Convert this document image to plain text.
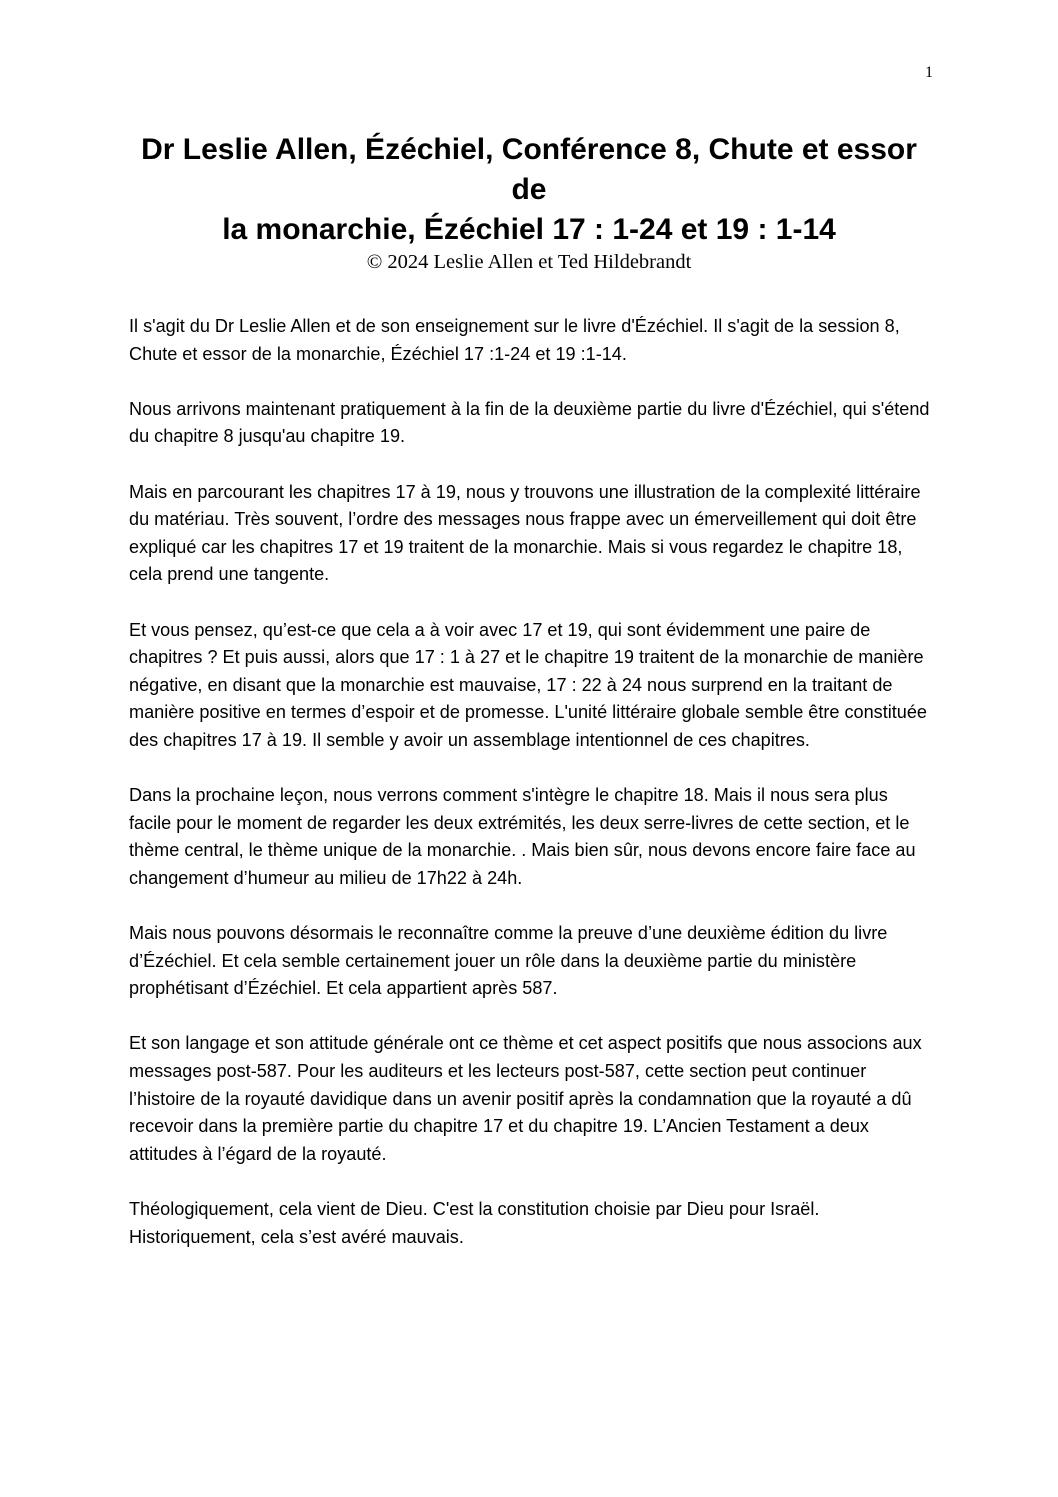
1

Dr Leslie Allen, Ézéchiel, Conférence 8, Chute et essor

de

la monarchie, Ézéchiel 17 : 1-24 et 19 : 1-14

© 2024 Leslie Allen et Ted Hildebrandt

Il s'agit du Dr Leslie Allen et de son enseignement sur le livre d'Ézéchiel. Il s'agit de la session 8, Chute et essor de la monarchie, Ézéchiel 17 :1-24 et 19 :1-14.

Nous arrivons maintenant pratiquement à la fin de la deuxième partie du livre d'Ézéchiel, qui s'étend du chapitre 8 jusqu'au chapitre 19.

Mais en parcourant les chapitres 17 à 19, nous y trouvons une illustration de la complexité littéraire du matériau. Très souvent, l’ordre des messages nous frappe avec un émerveillement qui doit être expliqué car les chapitres 17 et 19 traitent de la monarchie. Mais si vous regardez le chapitre 18, cela prend une tangente.

Et vous pensez, qu’est-ce que cela a à voir avec 17 et 19, qui sont évidemment une paire de chapitres ? Et puis aussi, alors que 17 : 1 à 27 et le chapitre 19 traitent de la monarchie de manière négative, en disant que la monarchie est mauvaise, 17 : 22 à 24 nous surprend en la traitant de manière positive en termes d’espoir et de promesse. L'unité littéraire globale semble être constituée des chapitres 17 à 19. Il semble y avoir un assemblage intentionnel de ces chapitres.

Dans la prochaine leçon, nous verrons comment s'intègre le chapitre 18. Mais il nous sera plus facile pour le moment de regarder les deux extrémités, les deux serre-livres de cette section, et le thème central, le thème unique de la monarchie. . Mais bien sûr, nous devons encore faire face au changement d’humeur au milieu de 17h22 à 24h.

Mais nous pouvons désormais le reconnaître comme la preuve d’une deuxième édition du livre d’Ézéchiel. Et cela semble certainement jouer un rôle dans la deuxième partie du ministère prophétisant d’Ézéchiel. Et cela appartient après 587.

Et son langage et son attitude générale ont ce thème et cet aspect positifs que nous associons aux messages post-587. Pour les auditeurs et les lecteurs post-587, cette section peut continuer l’histoire de la royauté davidique dans un avenir positif après la condamnation que la royauté a dû recevoir dans la première partie du chapitre 17 et du chapitre 19. L’Ancien Testament a deux attitudes à l’égard de la royauté.

Théologiquement, cela vient de Dieu. C'est la constitution choisie par Dieu pour Israël. Historiquement, cela s’est avéré mauvais.
